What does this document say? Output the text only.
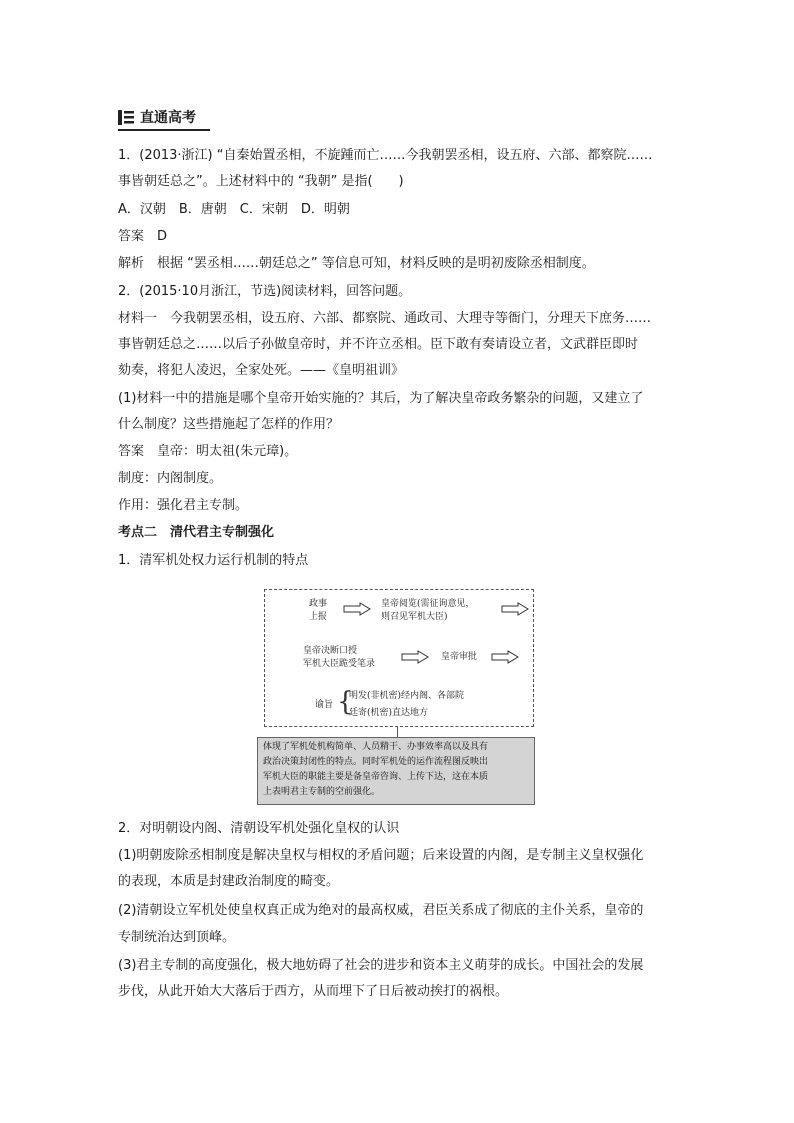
直通高考
1．(2013·浙江) “自秦始置丞相，不旋踵而亡……今我朝罢丞相，设五府、六部、都察院……
事皆朝廷总之”。上述材料中的 “我朝” 是指(　　)
A．汉朝　B．唐朝　C．宋朝　D．明朝
答案　D
解析　根据 “罢丞相……朝廷总之” 等信息可知，材料反映的是明初废除丞相制度。
2．(2015·10月浙江，节选)阅读材料，回答问题。
材料一　今我朝罢丞相，设五府、六部、都察院、通政司、大理寺等衙门，分理天下庶务……
事皆朝廷总之……以后子孙做皇帝时，并不许立丞相。臣下敢有奏请设立者，文武群臣即时
劾奏，将犯人凌迟，全家处死。——《皇明祖训》
(1)材料一中的措施是哪个皇帝开始实施的？其后，为了解决皇帝政务繁杂的问题，又建立了
什么制度？这些措施起了怎样的作用？
答案　皇帝：明太祖(朱元璋)。
制度：内阁制度。
作用：强化君主专制。
考点二　清代君主专制强化
1．清军机处权力运行机制的特点
政事
上报
皇帝阅览(需征询意见，
则召见军机大臣)
皇帝决断口授
军机大臣跪受笔录
皇帝审批
谕旨 {
明发(非机密)经内阁、各部院
廷寄(机密)直达地方
体现了军机处机构简单、人员精干、办事效率高以及具有
政治决策封闭性的特点。同时军机处的运作流程图反映出
军机大臣的职能主要是备皇帝咨询、上传下达，这在本质
上表明君主专制的空前强化。
2．对明朝设内阁、清朝设军机处强化皇权的认识
(1)明朝废除丞相制度是解决皇权与相权的矛盾问题；后来设置的内阁，是专制主义皇权强化
的表现，本质是封建政治制度的畸变。
(2)清朝设立军机处使皇权真正成为绝对的最高权威，君臣关系成了彻底的主仆关系，皇帝的
专制统治达到顶峰。
(3)君主专制的高度强化，极大地妨碍了社会的进步和资本主义萌芽的成长。中国社会的发展
步伐，从此开始大大落后于西方，从而埋下了日后被动挨打的祸根。
